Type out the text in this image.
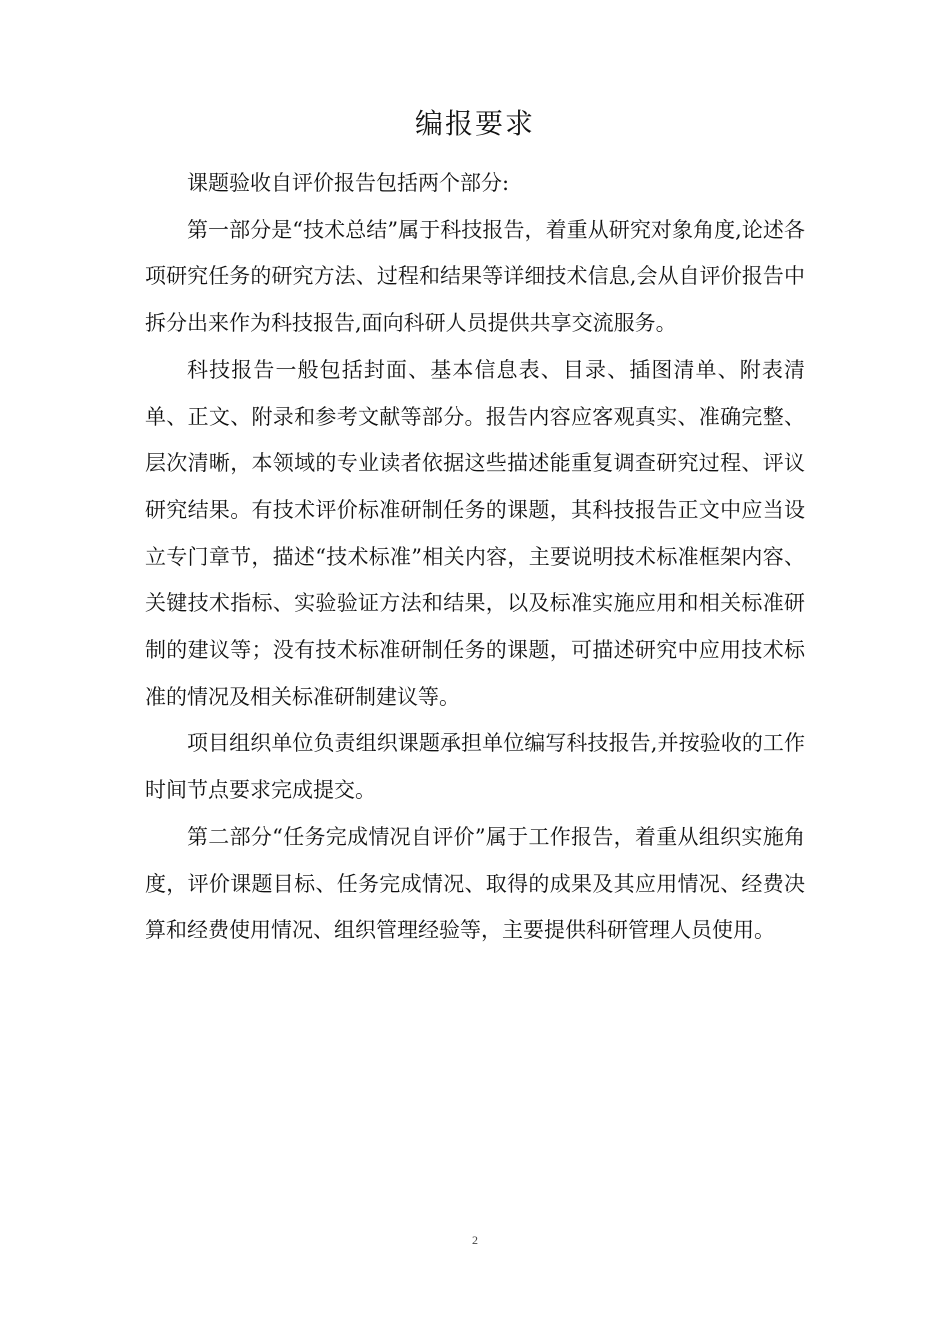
编报要求

课题验收自评价报告包括两个部分:

第一部分是“技术总结”属于科技报告，着重从研究对象角度,论述各项研究任务的研究方法、过程和结果等详细技术信息,会从自评价报告中拆分出来作为科技报告,面向科研人员提供共享交流服务。

科技报告一般包括封面、基本信息表、目录、插图清单、附表清单、正文、附录和参考文献等部分。报告内容应客观真实、准确完整、层次清晰，本领域的专业读者依据这些描述能重复调查研究过程、评议研究结果。有技术评价标准研制任务的课题，其科技报告正文中应当设立专门章节，描述“技术标准”相关内容，主要说明技术标准框架内容、关键技术指标、实验验证方法和结果，以及标准实施应用和相关标准研制的建议等；没有技术标准研制任务的课题，可描述研究中应用技术标准的情况及相关标准研制建议等。

项目组织单位负责组织课题承担单位编写科技报告,并按验收的工作时间节点要求完成提交。

第二部分“任务完成情况自评价”属于工作报告，着重从组织实施角度，评价课题目标、任务完成情况、取得的成果及其应用情况、经费决算和经费使用情况、组织管理经验等，主要提供科研管理人员使用。

2
